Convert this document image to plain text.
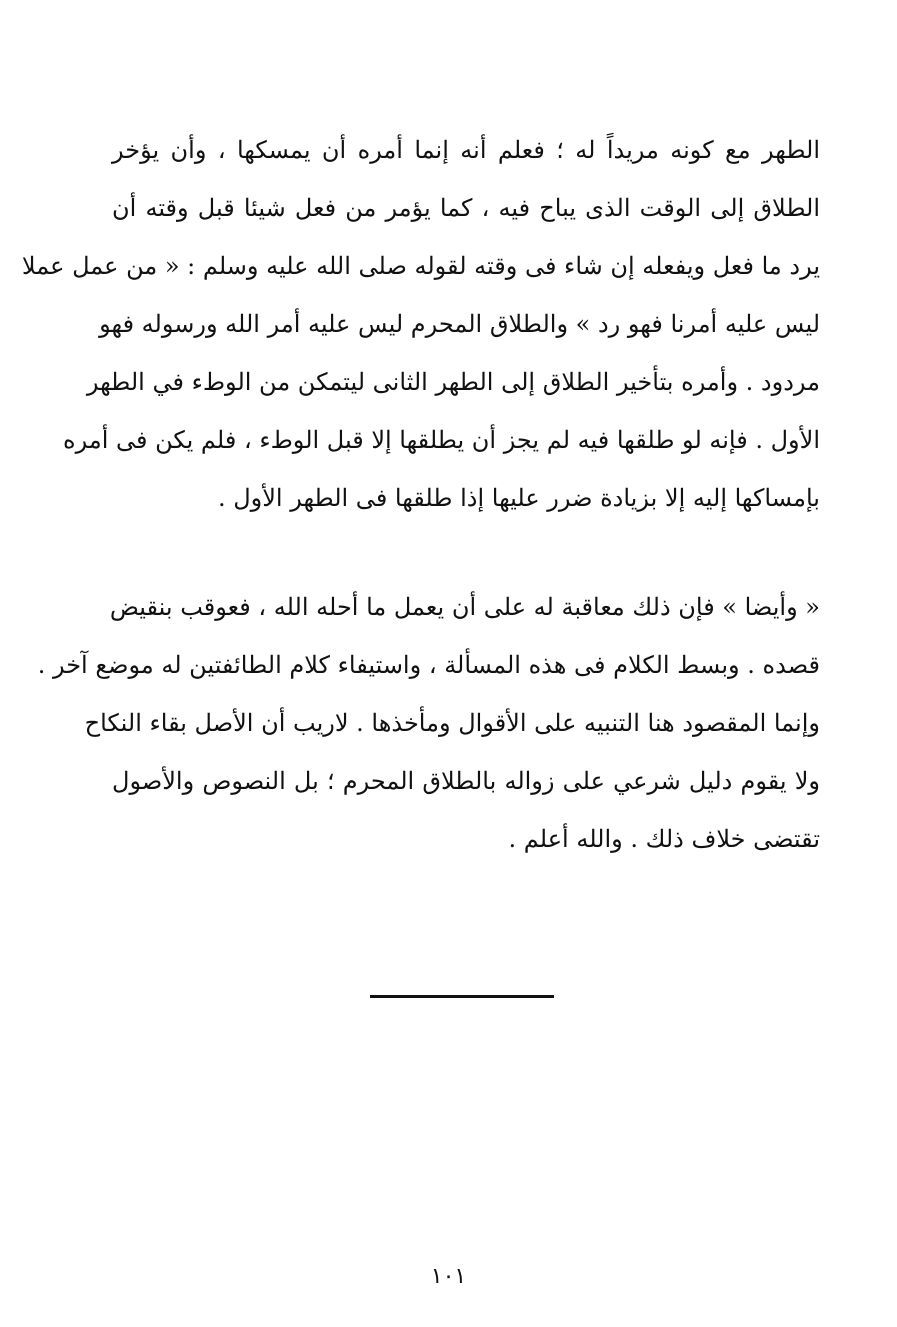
الطهر مع كونه مريداً له ؛ فعلم أنه إنما أمره أن يمسكها ، وأن يؤخر
الطلاق إلى الوقت الذى يباح فيه ، كما يؤمر من فعل شيئا قبل وقته أن
يرد ما فعل ويفعله إن شاء فى وقته لقوله صلى الله عليه وسلم : « من عمل عملا
ليس عليه أمرنا فهو رد » والطلاق المحرم ليس عليه أمر الله ورسوله فهو
مردود . وأمره بتأخير الطلاق إلى الطهر الثانى ليتمكن من الوطء في الطهر
الأول . فإنه لو طلقها فيه لم يجز أن يطلقها إلا قبل الوطء ، فلم يكن فى أمره
بإمساكها إليه إلا بزيادة ضرر عليها إذا طلقها فى الطهر الأول .
« وأيضا » فإن ذلك معاقبة له على أن يعمل ما أحله الله ، فعوقب بنقيض
قصده . وبسط الكلام فى هذه المسألة ، واستيفاء كلام الطائفتين له موضع آخر .
وإنما المقصود هنا التنبيه على الأقوال ومأخذها . لاريب أن الأصل بقاء النكاح
ولا يقوم دليل شرعي على زواله بالطلاق المحرم ؛ بل النصوص والأصول
تقتضى خلاف ذلك . والله أعلم .
١٠١
